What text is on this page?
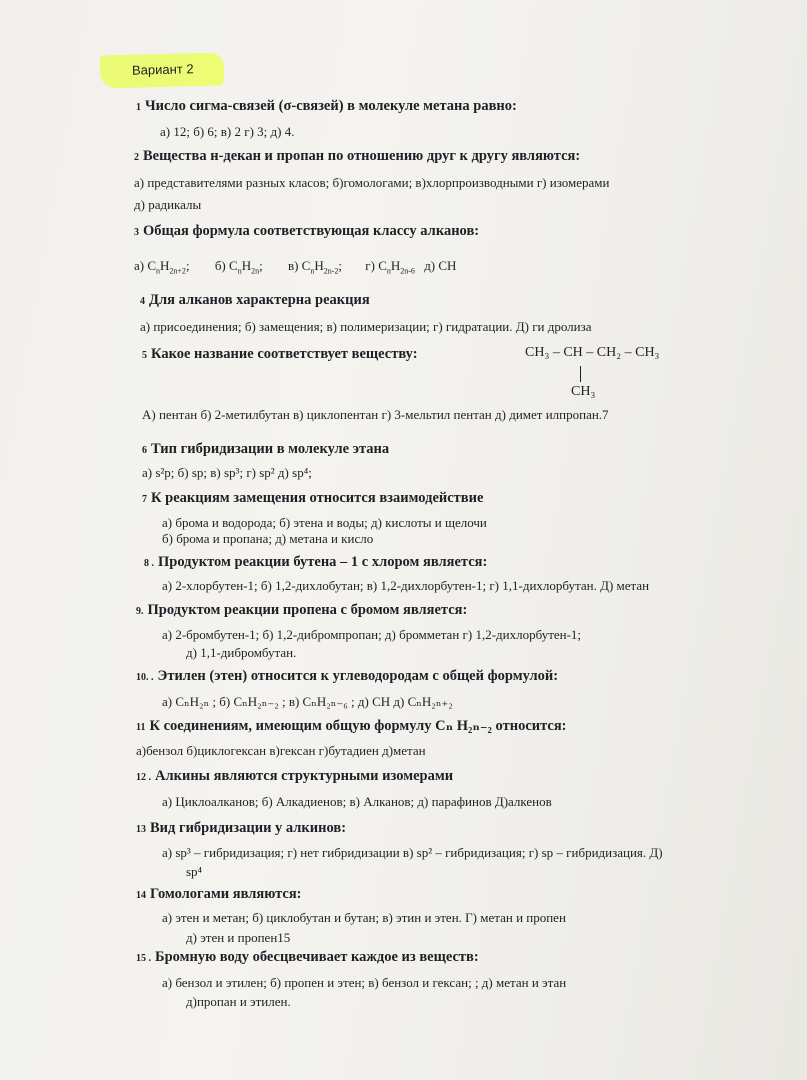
Вариант 2
1 Число сигма-связей (σ-связей) в молекуле метана равно:
а) 12; б) 6; в) 2 г) 3; д) 4.
2 Вещества н-декан и пропан по отношению друг к другу являются:
а) представителями разных класов; б)гомологами; в)хлорпроизводными г) изомерами
д) радикалы
3 Общая формула соответствующая классу алканов:
а) $C_nH_{2n+2}$; б) $C_nH_{2n}$; в) $C_nH_{2n-2}$; г) $C_nH_{2n-6}$ д) CH
4 Для алканов характерна реакция
а) присоединения; б) замещения; в) полимеризации; г) гидратации. Д) ги дролиза
5 Какое название соответствует веществу:	CH₃ – CH – CH₂ – CH₃
CH₃
А) пентан б) 2-метилбутан в) циклопентан г) 3-мельтил пентан д) димет илпропан.7
6 Тип гибридизации в молекуле этана
а) s²p; б) sp; в) sp³; г) sp² д) sp⁴;
7 К реакциям замещения относится взаимодействие
а) брома и водорода; б) этена и воды; д) кислоты и щелочи
б) брома и пропана; д) метана и кисло
8 . Продуктом реакции бутена – 1 с хлором является:
а) 2-хлорбутен-1; б) 1,2-дихлобутан; в) 1,2-дихлорбутен-1; г) 1,1-дихлорбутан. Д) метан
9. Продуктом реакции пропена с бромом является:
а) 2-бромбутен-1; б) 1,2-дибромпропан; д) бромметан г) 1,2-дихлорбутен-1;
д) 1,1-дибромбутан.
10. . Этилен (этен) относится к углеводородам с общей формулой:
а) CₙH₂ₙ ; б) CₙH₂ₙ₋₂ ; в) CₙH₂ₙ₋₆ ; д) CH д) CₙH₂ₙ₊₂
11 К соединениям, имеющим общую формулу Cₙ H₂ₙ₋₂ относится:
а)бензол б)циклогексан в)гексан г)бутадиен д)метан
12 . Алкины являются структурными изомерами
а) Циклоалканов; б) Алкадиенов; в) Алканов; д) парафинов Д)алкенов
13 Вид гибридизации у алкинов:
а) sp³ – гибридизация; г) нет гибридизации в) sp² – гибридизация; г) sp – гибридизация. Д)
sp⁴
14 Гомологами являются:
а) этен и метан; б) циклобутан и бутан; в) этин и этен. Г) метан и пропен
д) этен и пропен15
15 . Бромную воду обесцвечивает каждое из веществ:
а) бензол и этилен; б) пропен и этен; в) бензол и гексан; ; д) метан и этан
д)пропан и этилен.
